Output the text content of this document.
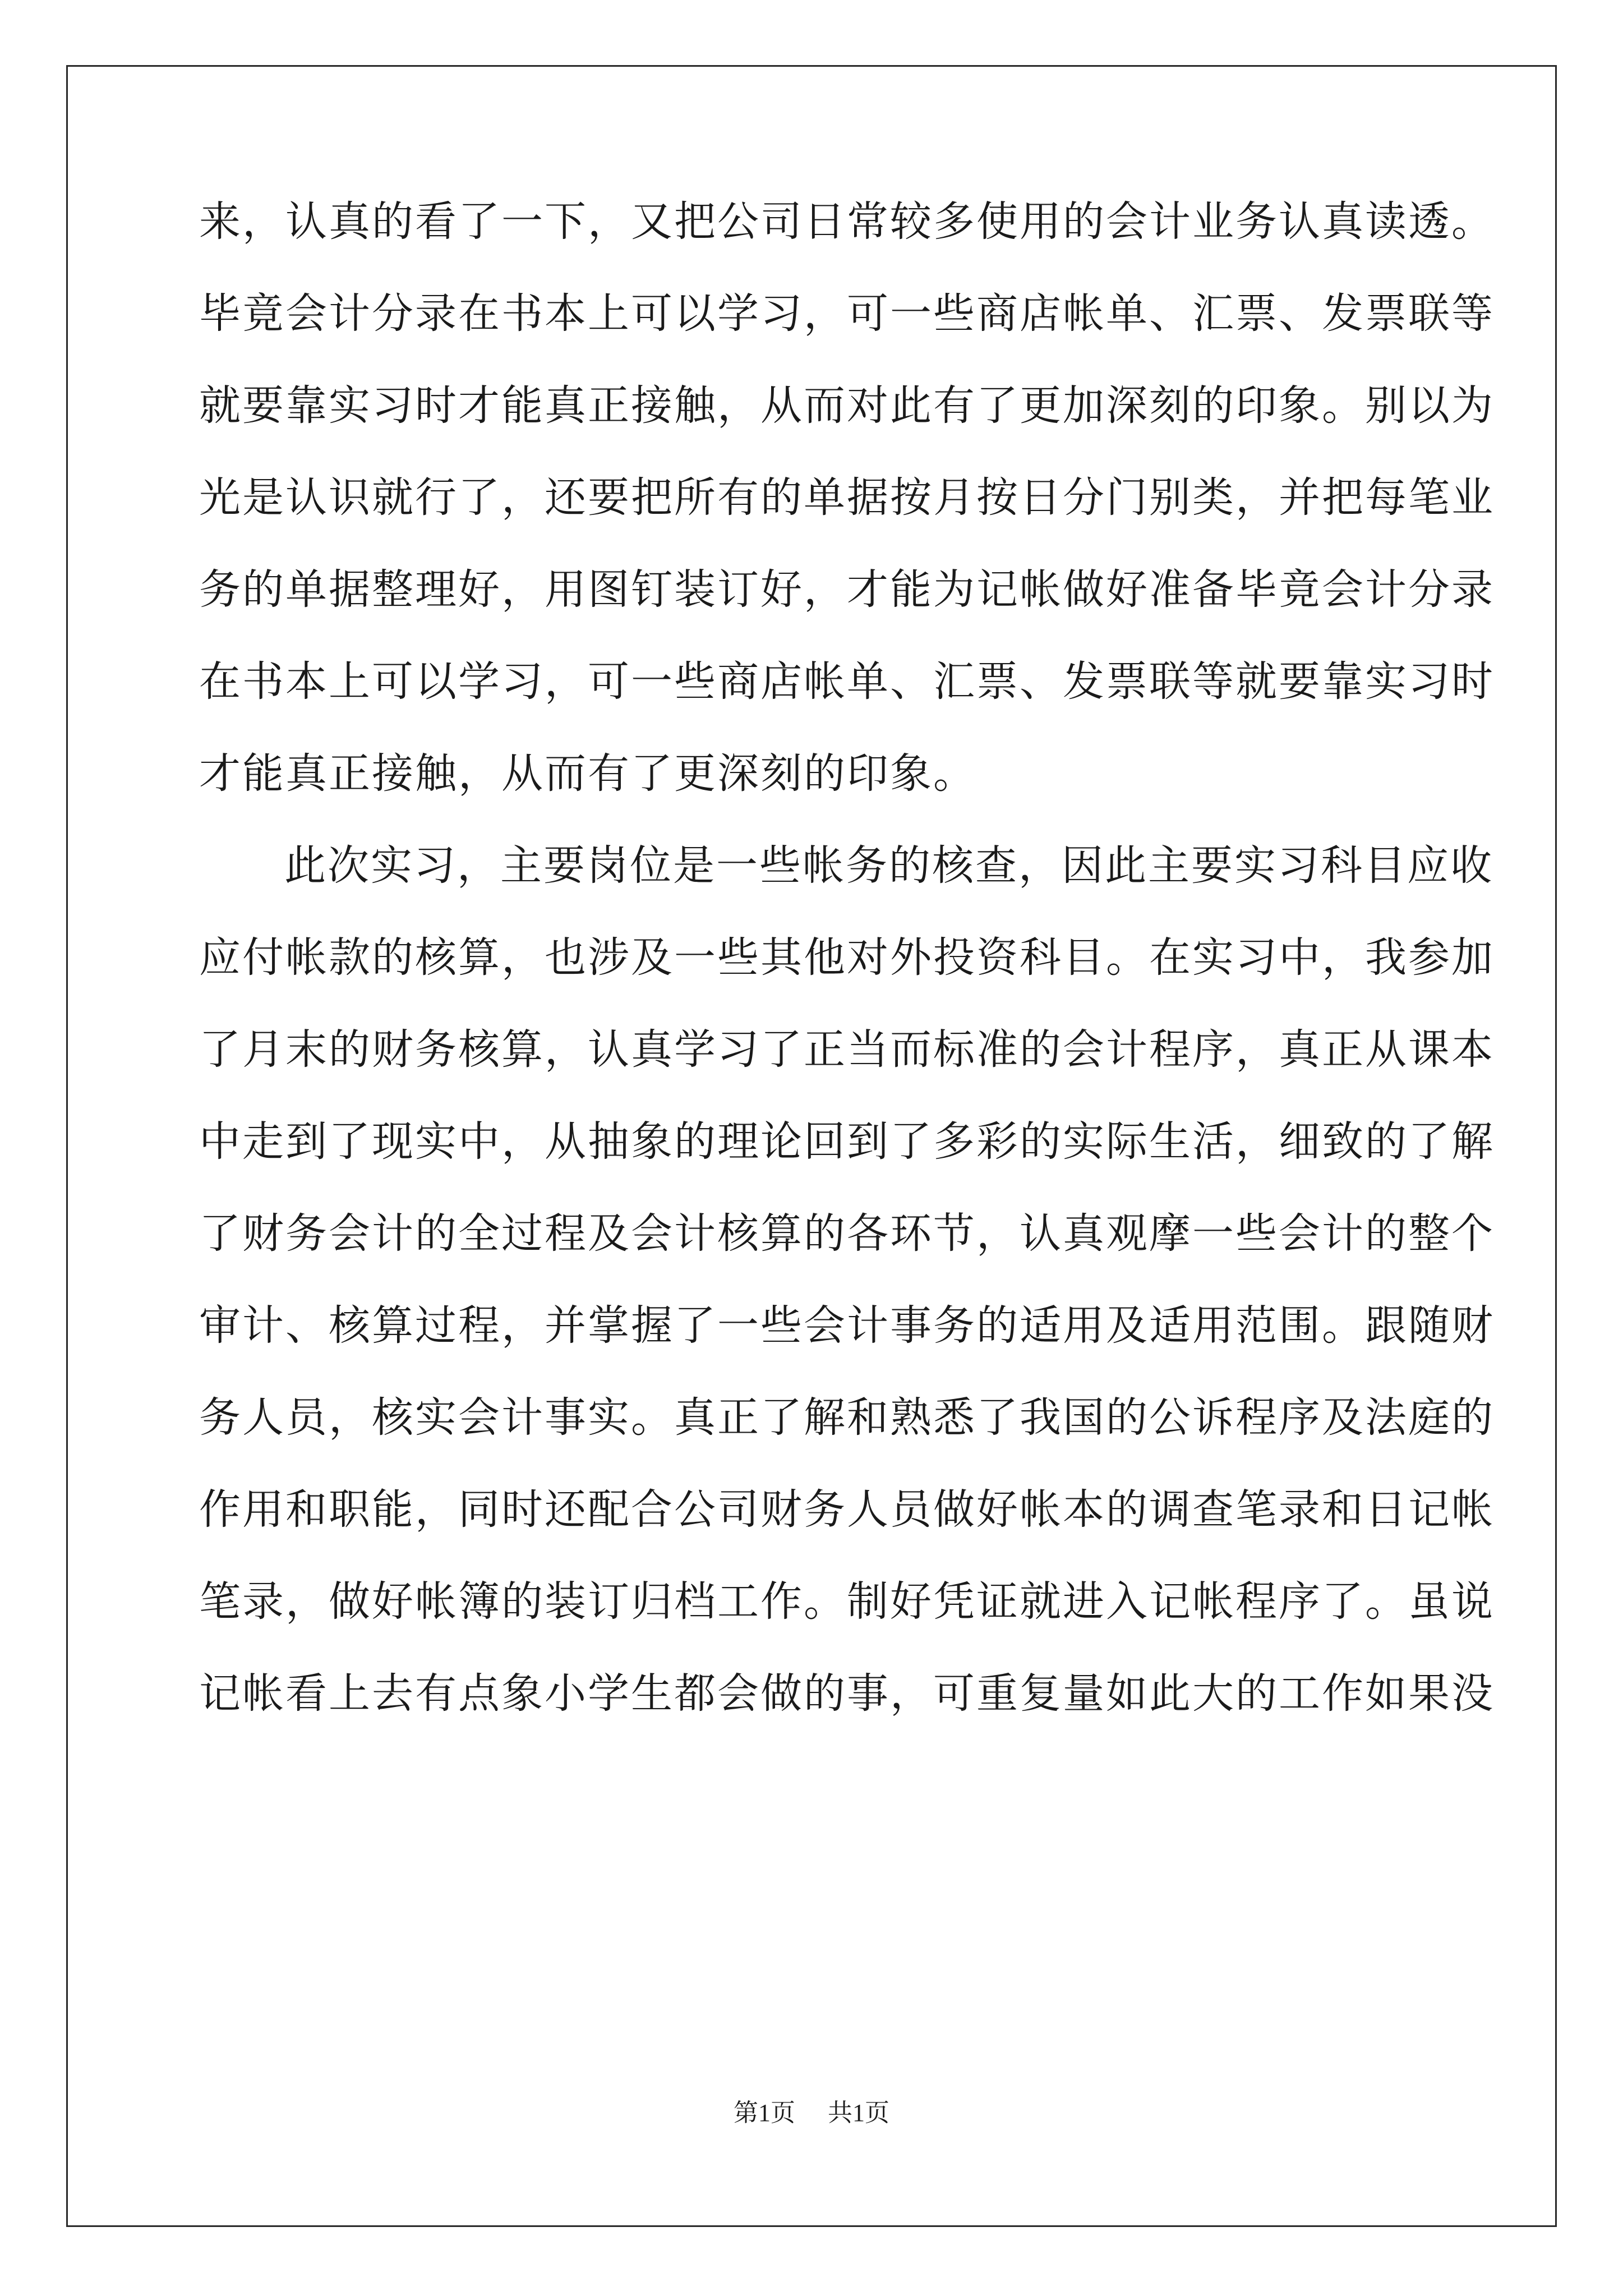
来，认真的看了一下，又把公司日常较多使用的会计业务认真读透。
毕竟会计分录在书本上可以学习，可一些商店帐单、汇票、发票联等
就要靠实习时才能真正接触，从而对此有了更加深刻的印象。别以为
光是认识就行了，还要把所有的单据按月按日分门别类，并把每笔业
务的单据整理好，用图钉装订好，才能为记帐做好准备毕竟会计分录
在书本上可以学习，可一些商店帐单、汇票、发票联等就要靠实习时
才能真正接触，从而有了更深刻的印象。
此次实习，主要岗位是一些帐务的核查，因此主要实习科目应收
应付帐款的核算，也涉及一些其他对外投资科目。在实习中，我参加
了月末的财务核算，认真学习了正当而标准的会计程序，真正从课本
中走到了现实中，从抽象的理论回到了多彩的实际生活，细致的了解
了财务会计的全过程及会计核算的各环节，认真观摩一些会计的整个
审计、核算过程，并掌握了一些会计事务的适用及适用范围。跟随财
务人员，核实会计事实。真正了解和熟悉了我国的公诉程序及法庭的
作用和职能，同时还配合公司财务人员做好帐本的调查笔录和日记帐
笔录，做好帐簿的装订归档工作。制好凭证就进入记帐程序了。虽说
记帐看上去有点象小学生都会做的事，可重复量如此大的工作如果没
第1页 共1页
